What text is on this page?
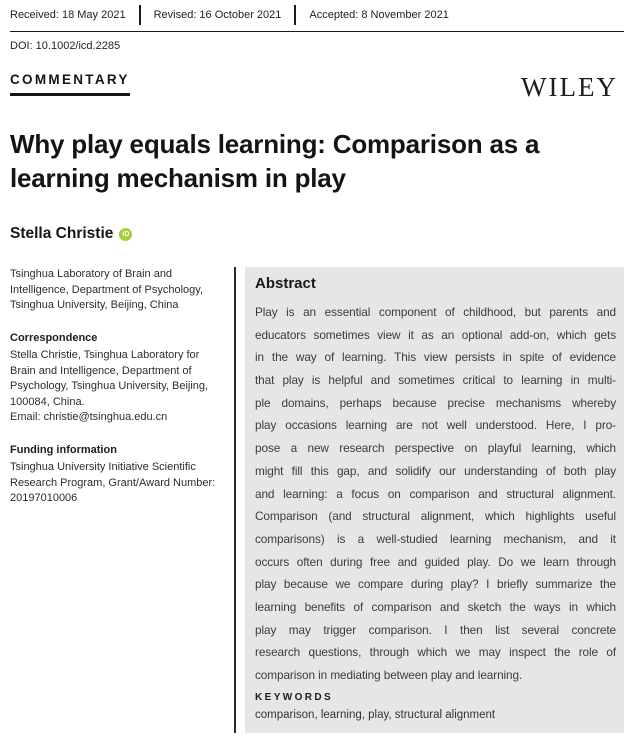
Received: 18 May 2021	Revised: 16 October 2021	Accepted: 8 November 2021
DOI: 10.1002/icd.2285
COMMENTARY	WILEY
Why play equals learning: Comparison as a learning mechanism in play
Stella Christie	iD
Tsinghua Laboratory of Brain and Intelligence, Department of Psychology, Tsinghua University, Beijing, China
Correspondence
Stella Christie, Tsinghua Laboratory for Brain and Intelligence, Department of Psychology, Tsinghua University, Beijing, 100084, China.
Email: christie@tsinghua.edu.cn
Funding information
Tsinghua University Initiative Scientific Research Program, Grant/Award Number: 20197010006
Abstract
Play is an essential component of childhood, but parents and
educators sometimes view it as an optional add-on, which gets
in the way of learning. This view persists in spite of evidence
that play is helpful and sometimes critical to learning in multi-
ple domains, perhaps because precise mechanisms whereby
play occasions learning are not well understood. Here, I pro-
pose a new research perspective on playful learning, which
might fill this gap, and solidify our understanding of both play
and learning: a focus on comparison and structural alignment.
Comparison (and structural alignment, which highlights useful
comparisons) is a well-studied learning mechanism, and it
occurs often during free and guided play. Do we learn through
play because we compare during play? I briefly summarize the
learning benefits of comparison and sketch the ways in which
play may trigger comparison. I then list several concrete
research questions, through which we may inspect the role of
comparison in mediating between play and learning.
KEYWORDS
comparison, learning, play, structural alignment
